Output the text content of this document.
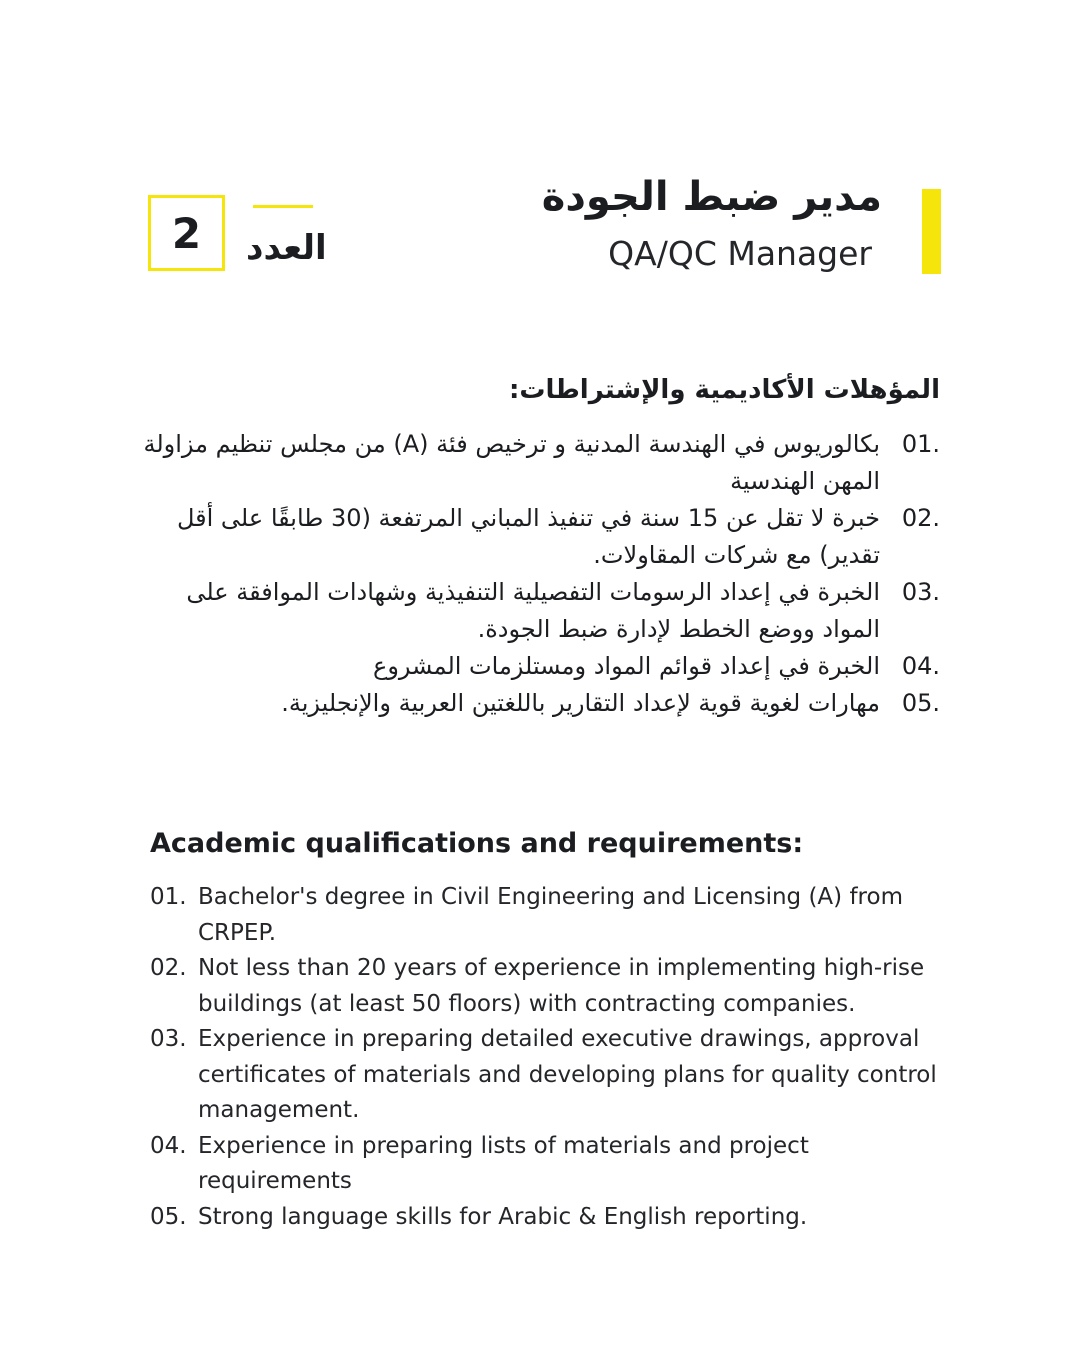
مدير ضبط الجودة
QA/QC Manager
العدد
2
المؤهلات الأكاديمية والإشتراطات:
01.
بكالوريوس في الهندسة المدنية و ترخيص فئة (A) من مجلس تنظيم مزاولة المهن الهندسية
02.
خبرة لا تقل عن 15 سنة في تنفيذ المباني المرتفعة (30 طابقًا على أقل تقدير) مع شركات المقاولات.
03.
الخبرة في إعداد الرسومات التفصيلية التنفيذية وشهادات الموافقة على المواد ووضع الخطط لإدارة ضبط الجودة.
04.
الخبرة في إعداد قوائم المواد ومستلزمات المشروع
05.
مهارات لغوية قوية لإعداد التقارير باللغتين العربية والإنجليزية.
Academic qualifications and requirements:
01. Bachelor's degree in Civil Engineering and Licensing (A) from CRPEP.
02. Not less than 20 years of experience in implementing high-rise buildings (at least 50 floors) with contracting companies.
03. Experience in preparing detailed executive drawings, approval certificates of materials and developing plans for quality control management.
04. Experience in preparing lists of materials and project requirements
05. Strong language skills for Arabic & English reporting.
